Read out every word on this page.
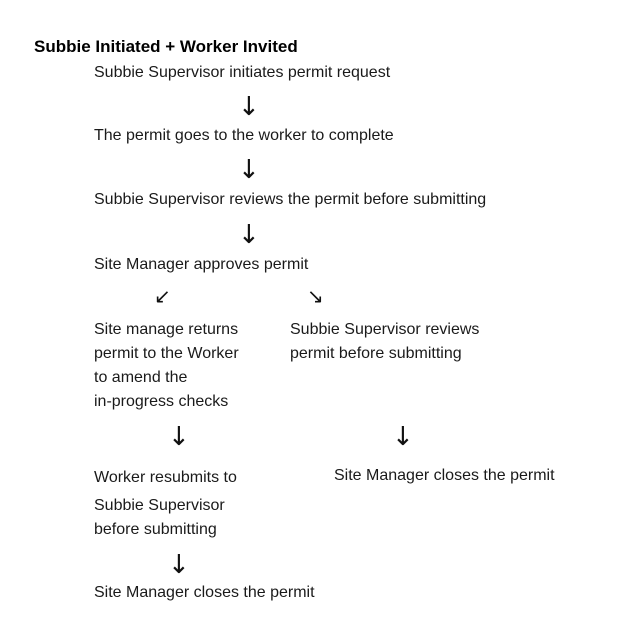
Subbie Initiated + Worker Invited

Subbie Supervisor initiates permit request

↓

The permit goes to the worker to complete

↓

Subbie Supervisor reviews the permit before submitting

↓

Site Manager approves permit

↙	↘
Site manage returns
permit to the Worker
to amend the
in-progress checks
Subbie Supervisor reviews
permit before submitting
↓	↓
Worker resubmits to
Subbie Supervisor
before submitting

Site Manager closes the permit

↓

Site Manager closes the permit
